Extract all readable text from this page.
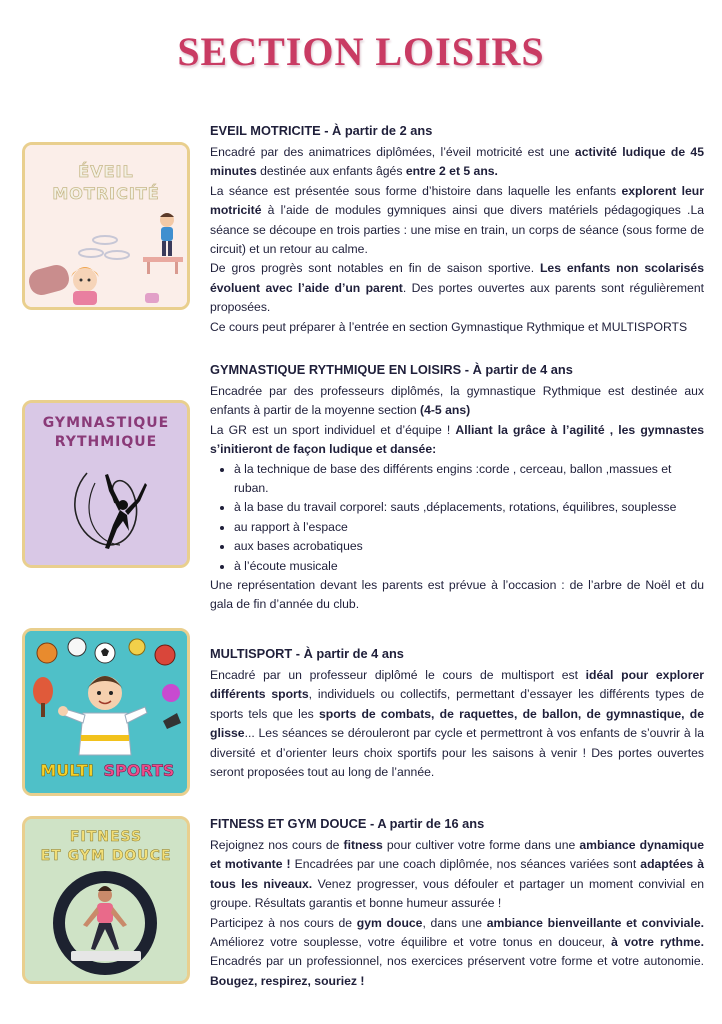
SECTION LOISIRS
ÉVEIL
MOTRICITÉ
EVEIL MOTRICITE - À partir de 2 ans

Encadré par des animatrices diplômées, l’éveil motricité est une activité ludique de 45 minutes destinée aux enfants âgés entre 2 et 5 ans.

La séance est présentée sous forme d’histoire dans laquelle les enfants explorent leur motricité à l’aide de modules gymniques ainsi que divers matériels pédagogiques .La séance se découpe en trois parties : une mise en train, un corps de séance (sous forme de circuit) et un retour au calme.

De gros progrès sont notables en fin de saison sportive. Les enfants non scolarisés évoluent avec l’aide d’un parent. Des portes ouvertes aux parents sont régulièrement proposées.

Ce cours peut préparer à l’entrée en section Gymnastique Rythmique et MULTISPORTS

GYMNASTIQUE
RYTHMIQUE
GYMNASTIQUE RYTHMIQUE EN LOISIRS - À partir de 4 ans

Encadrée par des professeurs diplômés, la gymnastique Rythmique est destinée aux enfants à partir de la moyenne section (4-5 ans)

La GR est un sport individuel et d’équipe ! Alliant la grâce à l’agilité , les gymnastes s’initieront de façon ludique et dansée:

• à la technique de base des différents engins :corde , cerceau, ballon ,massues et ruban.
• à la base du travail corporel: sauts ,déplacements, rotations, équilibres, souplesse
• au rapport à l’espace
• aux bases acrobatiques
• à l’écoute musicale

Une représentation devant les parents est prévue à l’occasion : de l’arbre de Noël et du gala de fin d’année du club.

MULTI SPORTS
MULTISPORT - À partir de 4 ans

Encadré par un professeur diplômé le cours de multisport est idéal pour explorer différents sports, individuels ou collectifs, permettant d’essayer les différents types de sports tels que les sports de combats, de raquettes, de ballon, de gymnastique, de glisse... Les séances se dérouleront par cycle et permettront à vos enfants de s’ouvrir à la diversité et d’orienter leurs choix sportifs pour les saisons à venir ! Des portes ouvertes seront proposées tout au long de l’année.

FITNESS
ET GYM DOUCE
FITNESS ET GYM DOUCE - A partir de 16 ans

Rejoignez nos cours de fitness pour cultiver votre forme dans une ambiance dynamique et motivante ! Encadrées par une coach diplômée, nos séances variées sont adaptées à tous les niveaux. Venez progresser, vous défouler et partager un moment convivial en groupe. Résultats garantis et bonne humeur assurée !

Participez à nos cours de gym douce, dans une ambiance bienveillante et conviviale. Améliorez votre souplesse, votre équilibre et votre tonus en douceur, à votre rythme. Encadrés par un professionnel, nos exercices préservent votre forme et votre autonomie. Bougez, respirez, souriez !
